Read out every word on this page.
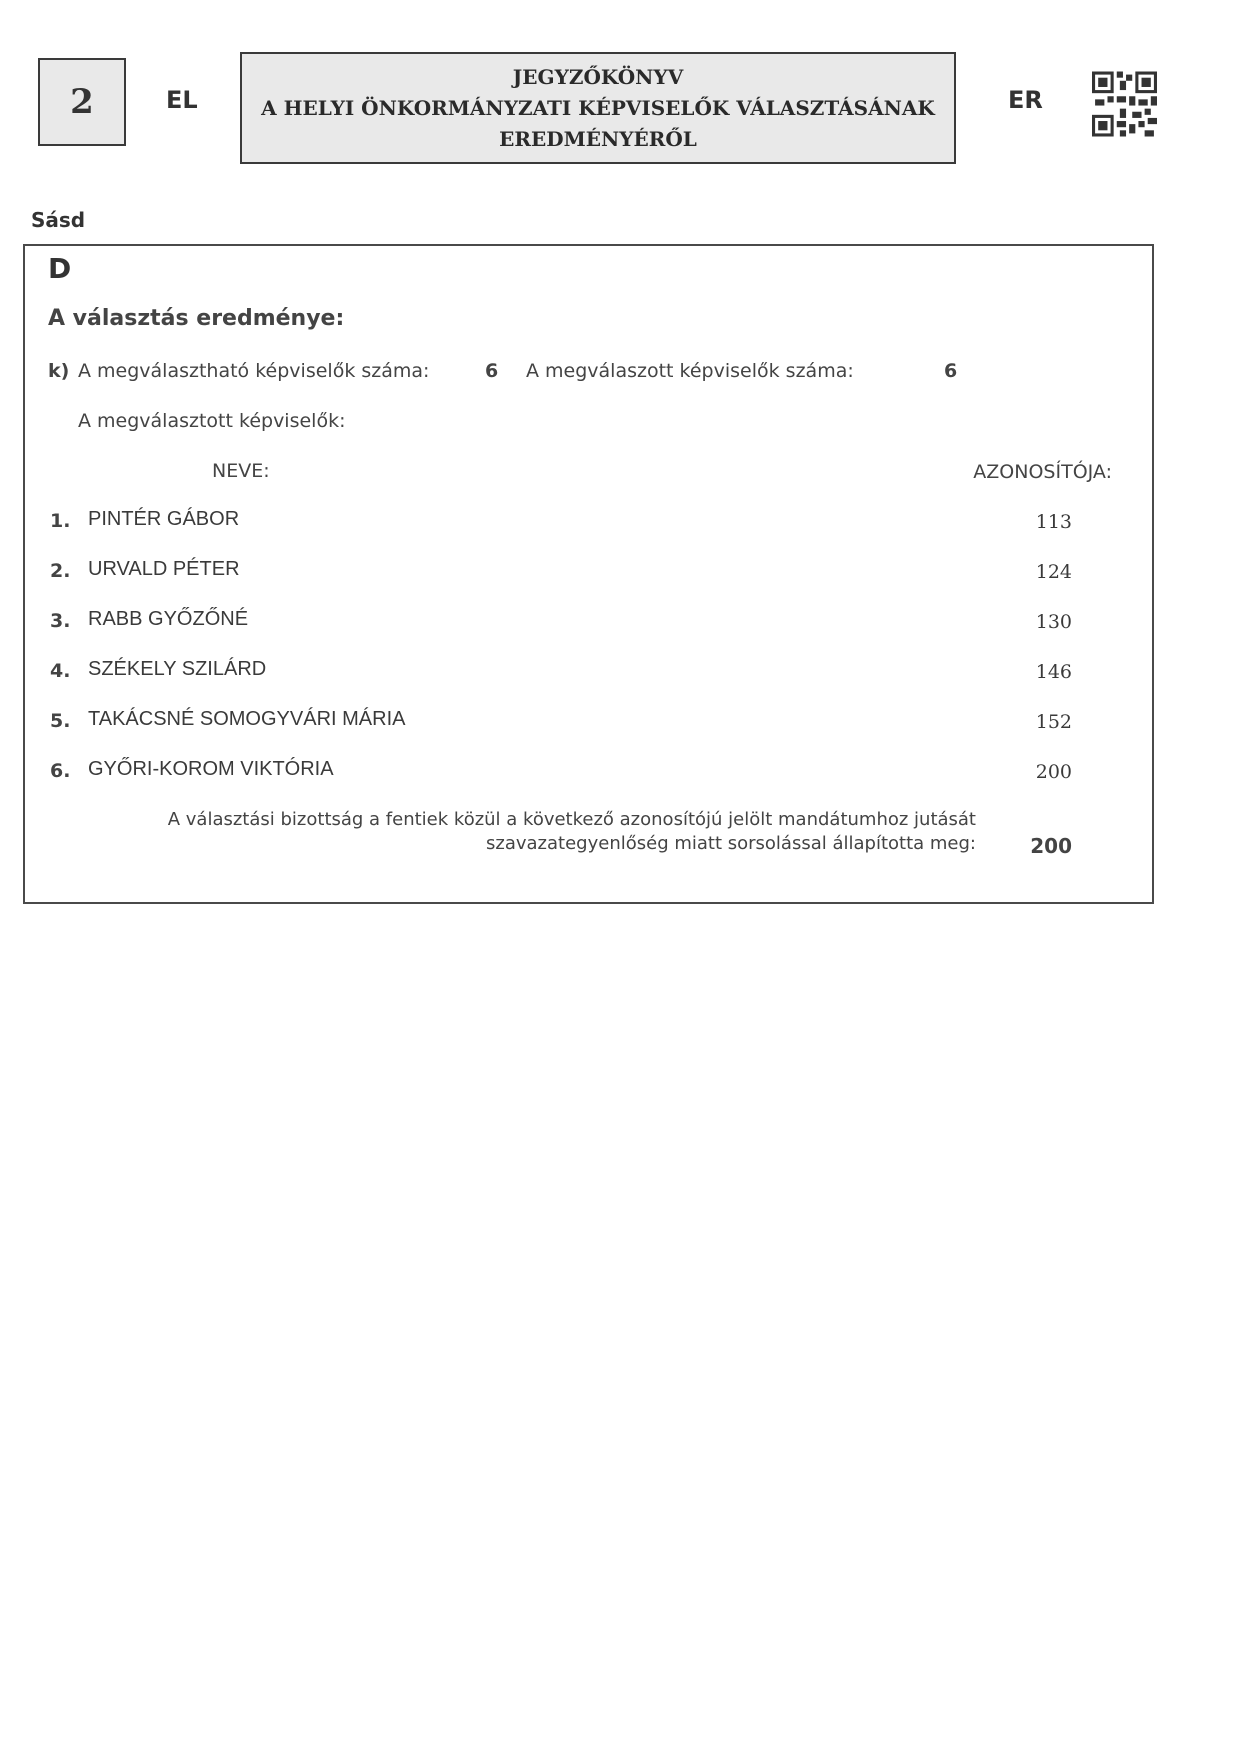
2	EL
JEGYZŐKÖNYV
A HELYI ÖNKORMÁNYZATI KÉPVISELŐK VÁLASZTÁSÁNAK
EREDMÉNYÉRŐL
ER
Sásd
D
A választás eredménye:
k) A megválasztható képviselők száma:	6 A megválaszott képviselők száma:	6
A megválasztott képviselők:
NEVE:	AZONOSÍTÓJA:
1. PINTÉR GÁBOR	113
2. URVALD PÉTER	124
3. RABB GYŐZŐNÉ	130
4. SZÉKELY SZILÁRD	146
5. TAKÁCSNÉ SOMOGYVÁRI MÁRIA	152
6. GYŐRI-KOROM VIKTÓRIA	200
A választási bizottság a fentiek közül a következő azonosítójú jelölt mandátumhoz jutását
szavazategyenlőség miatt sorsolással állapította meg:	200
